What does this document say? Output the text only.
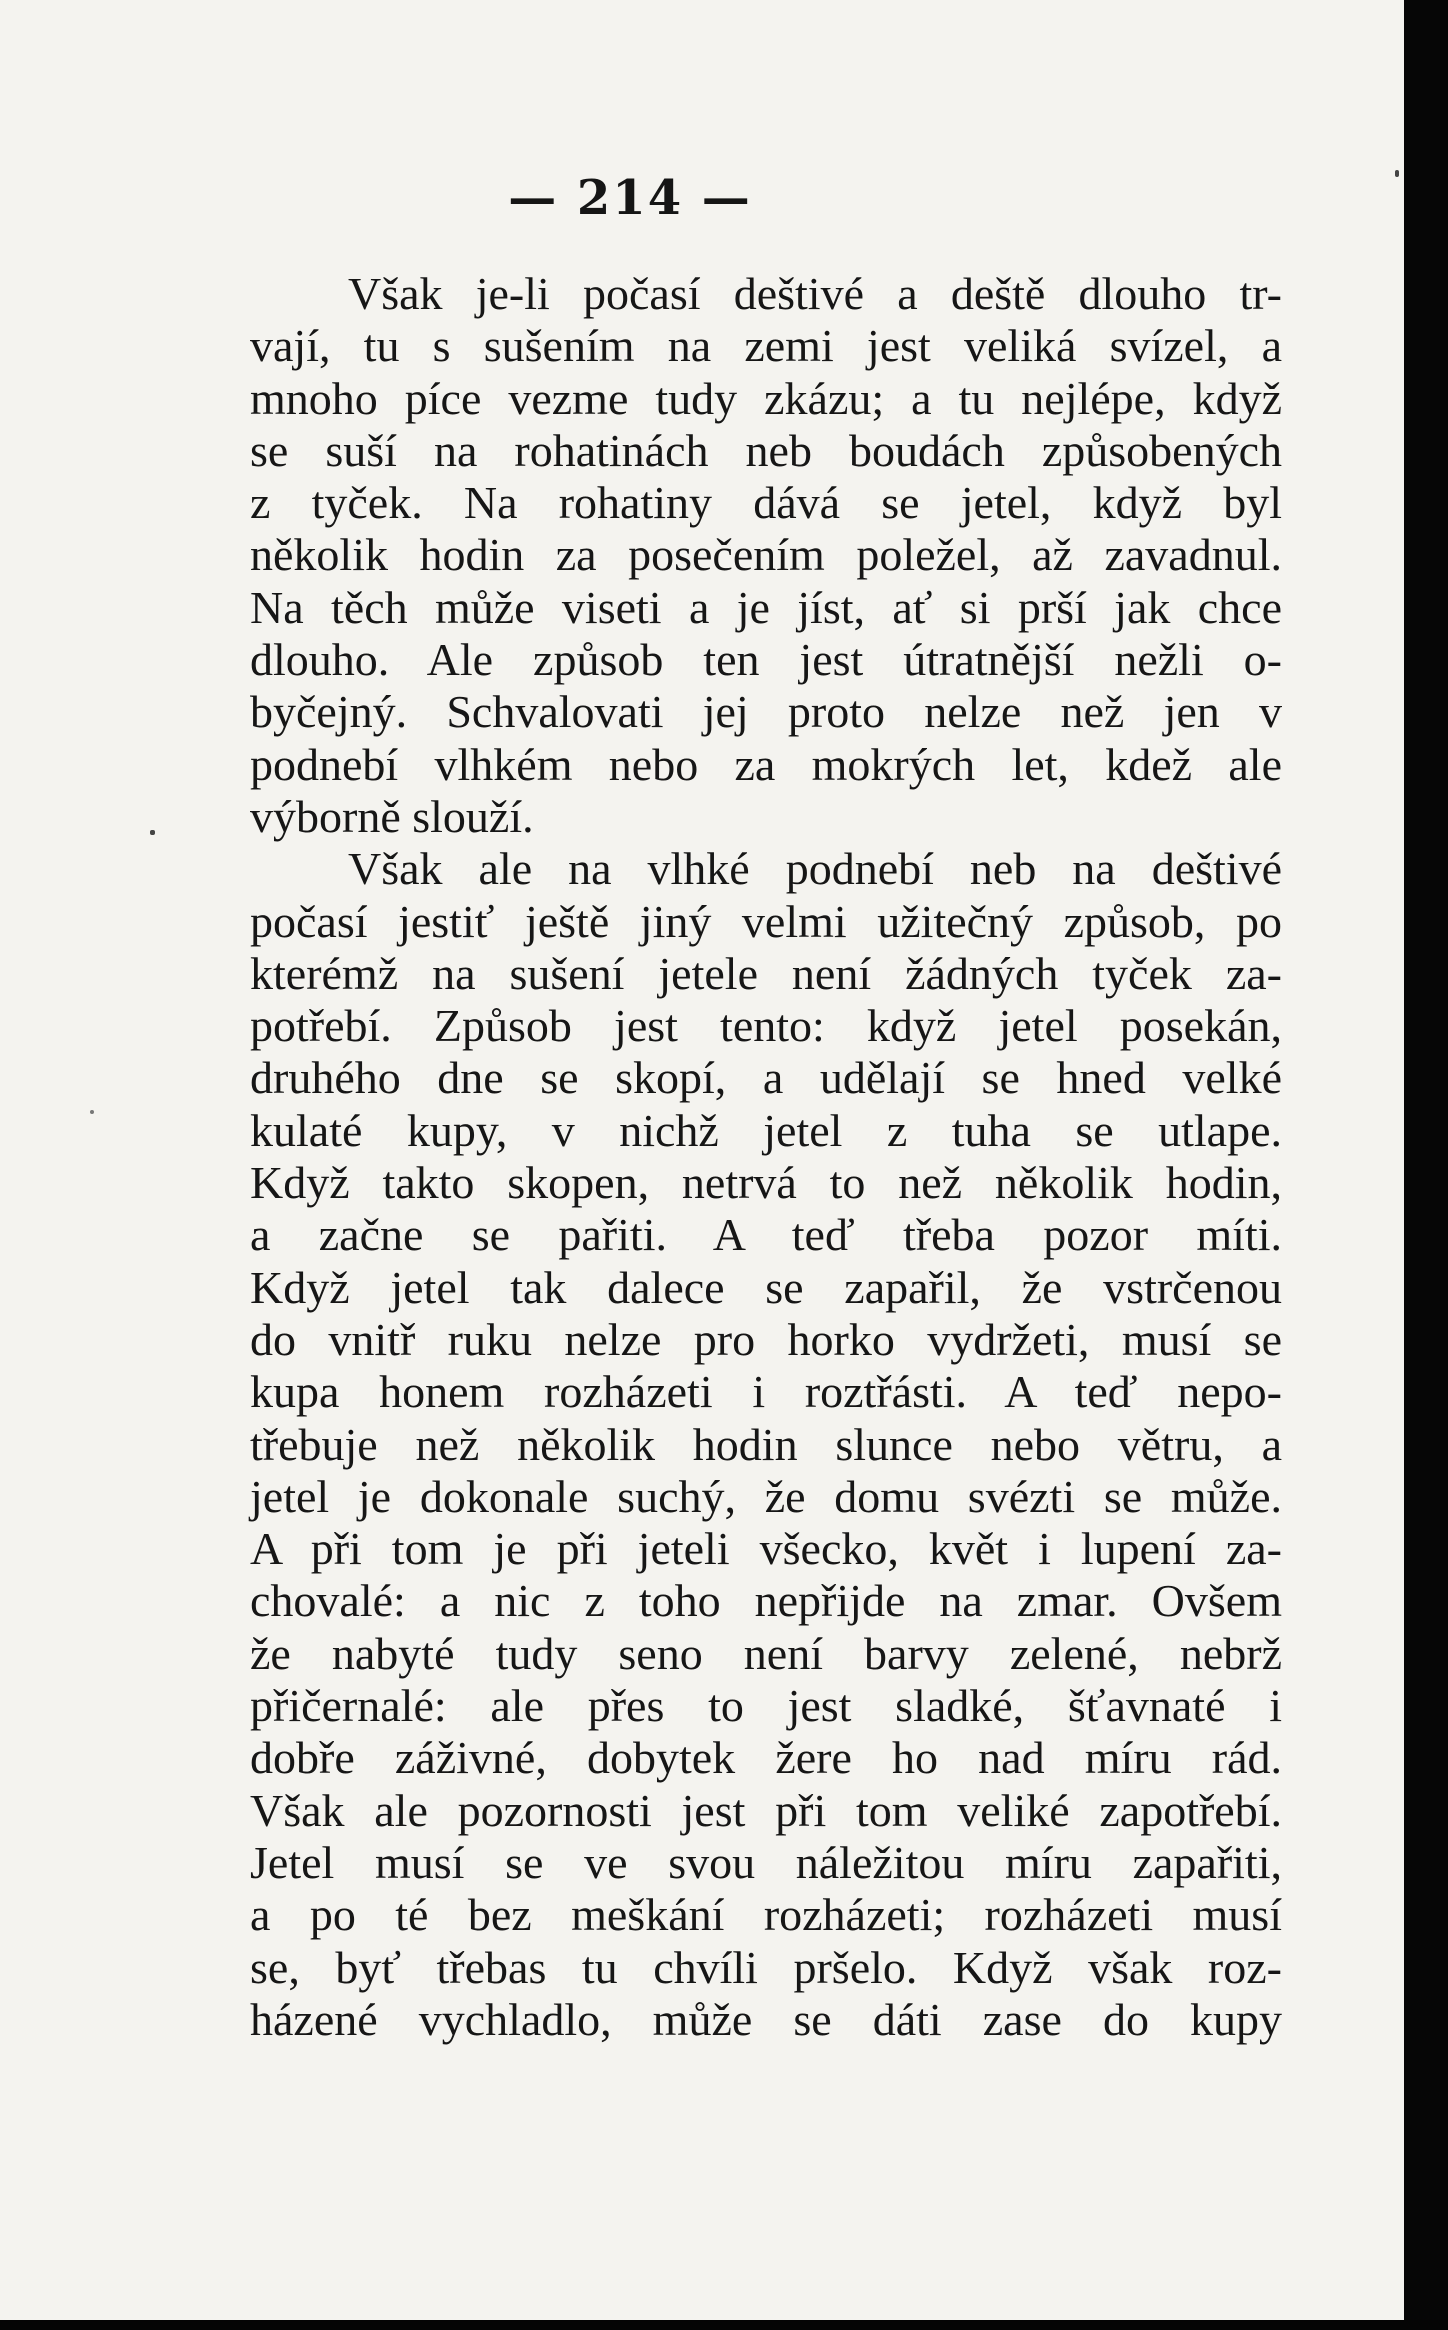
— 214 —
Však je-li počasí deštivé a deště dlouho tr-
vají, tu s sušením na zemi jest veliká svízel, a
mnoho píce vezme tudy zkázu; a tu nejlépe, když
se suší na rohatinách neb boudách způsobených
z tyček. Na rohatiny dává se jetel, když byl
několik hodin za posečením poležel, až zavadnul.
Na těch může viseti a je jíst, ať si prší jak chce
dlouho. Ale způsob ten jest útratnější nežli o-
byčejný. Schvalovati jej proto nelze než jen v
podnebí vlhkém nebo za mokrých let, kdež ale
výborně slouží.
Však ale na vlhké podnebí neb na deštivé
počasí jestiť ještě jiný velmi užitečný způsob, po
kterémž na sušení jetele není žádných tyček za-
potřebí. Způsob jest tento: když jetel posekán,
druhého dne se skopí, a udělají se hned velké
kulaté kupy, v nichž jetel z tuha se utlape.
Když takto skopen, netrvá to než několik hodin,
a začne se pařiti. A teď třeba pozor míti.
Když jetel tak dalece se zapařil, že vstrčenou
do vnitř ruku nelze pro horko vydržeti, musí se
kupa honem rozházeti i roztřásti. A teď nepo-
třebuje než několik hodin slunce nebo větru, a
jetel je dokonale suchý, že domu svézti se může.
A při tom je při jeteli všecko, květ i lupení za-
chovalé: a nic z toho nepřijde na zmar. Ovšem
že nabyté tudy seno není barvy zelené, nebrž
přičernalé: ale přes to jest sladké, šťavnaté i
dobře záživné, dobytek žere ho nad míru rád.
Však ale pozornosti jest při tom veliké zapotřebí.
Jetel musí se ve svou náležitou míru zapařiti,
a po té bez meškání rozházeti; rozházeti musí
se, byť třebas tu chvíli pršelo. Když však roz-
házené vychladlo, může se dáti zase do kupy
